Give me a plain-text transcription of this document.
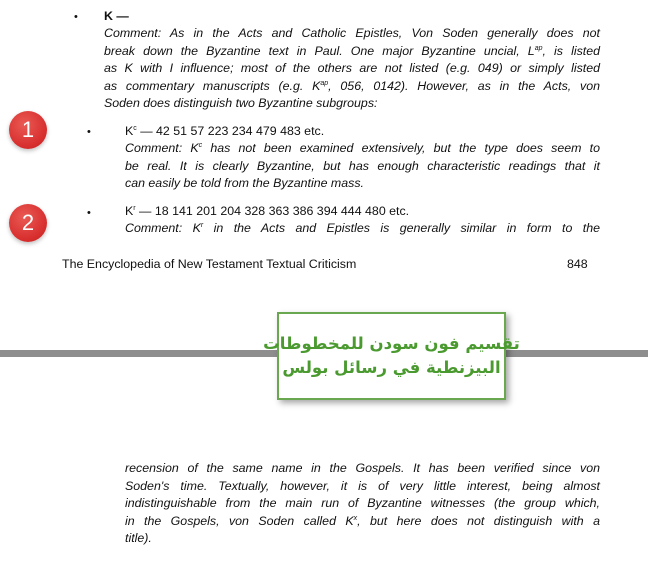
• K —
Comment: As in the Acts and Catholic Epistles, Von Soden generally does not
break down the Byzantine text in Paul. One major Byzantine uncial, $L^{ap}$, is listed
as K with I influence; most of the others are not listed (e.g. 049) or simply listed
as commentary manuscripts (e.g. $K^{ap}$, 056, 0142). However, as in the Acts, von
Soden does distinguish two Byzantine subgroups:
•	$K^c$ — 42 51 57 223 234 479 483 etc.
Comment: $K^c$ has not been examined extensively, but the type does seem to
be real. It is clearly Byzantine, but has enough characteristic readings that it
can easily be told from the Byzantine mass.
•	$K^r$ — 18 141 201 204 328 363 386 394 444 480 etc.
Comment: $K^r$ in the Acts and Epistles is generally similar in form to the
The Encyclopedia of New Testament Textual Criticism	848
1
2
تقسيم فون سودن للمخطوطات
البيزنطية في رسائل بولس
recension of the same name in the Gospels. It has been verified since von
Soden's time. Textually, however, it is of very little interest, being almost
indistinguishable from the main run of Byzantine witnesses (the group which,
in the Gospels, von Soden called $K^x$, but here does not distinguish with a
title).
